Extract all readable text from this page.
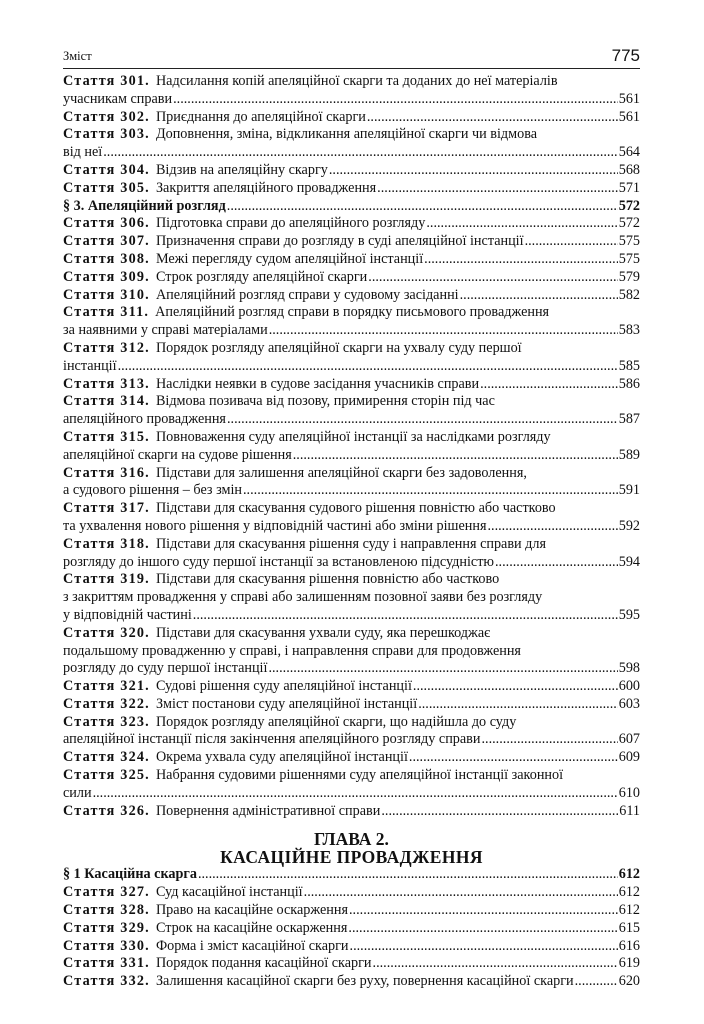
Зміст	775
Стаття 301. Надсилання копій апеляційної скарги та доданих до неї матеріалів
учасникам справи .....	561
Стаття 302. Приєднання до апеляційної скарги .....	561
Стаття 303. Доповнення, зміна, відкликання апеляційної скарги чи відмова
від неї .....	564
Стаття 304. Відзив на апеляційну скаргу .....	568
Стаття 305. Закриття апеляційного провадження .....	571
§ 3. Апеляційний розгляд .....	572
Стаття 306. Підготовка справи до апеляційного розгляду .....	572
Стаття 307. Призначення справи до розгляду в суді апеляційної інстанції .....	575
Стаття 308. Межі перегляду судом апеляційної інстанції .....	575
Стаття 309. Строк розгляду апеляційної скарги .....	579
Стаття 310. Апеляційний розгляд справи у судовому засіданні .....	582
Стаття 311. Апеляційний розгляд справи в порядку письмового провадження
за наявними у справі матеріалами .....	583
Стаття 312. Порядок розгляду апеляційної скарги на ухвалу суду першої
інстанції .....	585
Стаття 313. Наслідки неявки в судове засідання учасників справи .....	586
Стаття 314. Відмова позивача від позову, примирення сторін під час
апеляційного провадження .....	587
Стаття 315. Повноваження суду апеляційної інстанції за наслідками розгляду
апеляційної скарги на судове рішення .....	589
Стаття 316. Підстави для залишення апеляційної скарги без задоволення,
а судового рішення – без змін .....	591
Стаття 317. Підстави для скасування судового рішення повністю або частково
та ухвалення нового рішення у відповідній частині або зміни рішення .....	592
Стаття 318. Підстави для скасування рішення суду і направлення справи для
розгляду до іншого суду першої інстанції за встановленою підсудністю .....	594
Стаття 319. Підстави для скасування рішення повністю або частково
з закриттям провадження у справі або залишенням позовної заяви без розгляду
у відповідній частині .....	595
Стаття 320. Підстави для скасування ухвали суду, яка перешкоджає
подальшому провадженню у справі, і направлення справи для продовження
розгляду до суду першої інстанції .....	598
Стаття 321. Судові рішення суду апеляційної інстанції .....	600
Стаття 322. Зміст постанови суду апеляційної інстанції .....	603
Стаття 323. Порядок розгляду апеляційної скарги, що надійшла до суду
апеляційної інстанції після закінчення апеляційного розгляду справи .....	607
Стаття 324. Окрема ухвала суду апеляційної інстанції .....	609
Стаття 325. Набрання судовими рішеннями суду апеляційної інстанції законної
сили .....	610
Стаття 326. Повернення адміністративної справи .....	611
ГЛАВА 2.
КАСАЦІЙНЕ ПРОВАДЖЕННЯ
§ 1 Касаційна скарга .....	612
Стаття 327. Суд касаційної інстанції .....	612
Стаття 328. Право на касаційне оскарження .....	612
Стаття 329. Строк на касаційне оскарження .....	615
Стаття 330. Форма і зміст касаційної скарги .....	616
Стаття 331. Порядок подання касаційної скарги .....	619
Стаття 332. Залишення касаційної скарги без руху, повернення касаційної скарги .....	620
